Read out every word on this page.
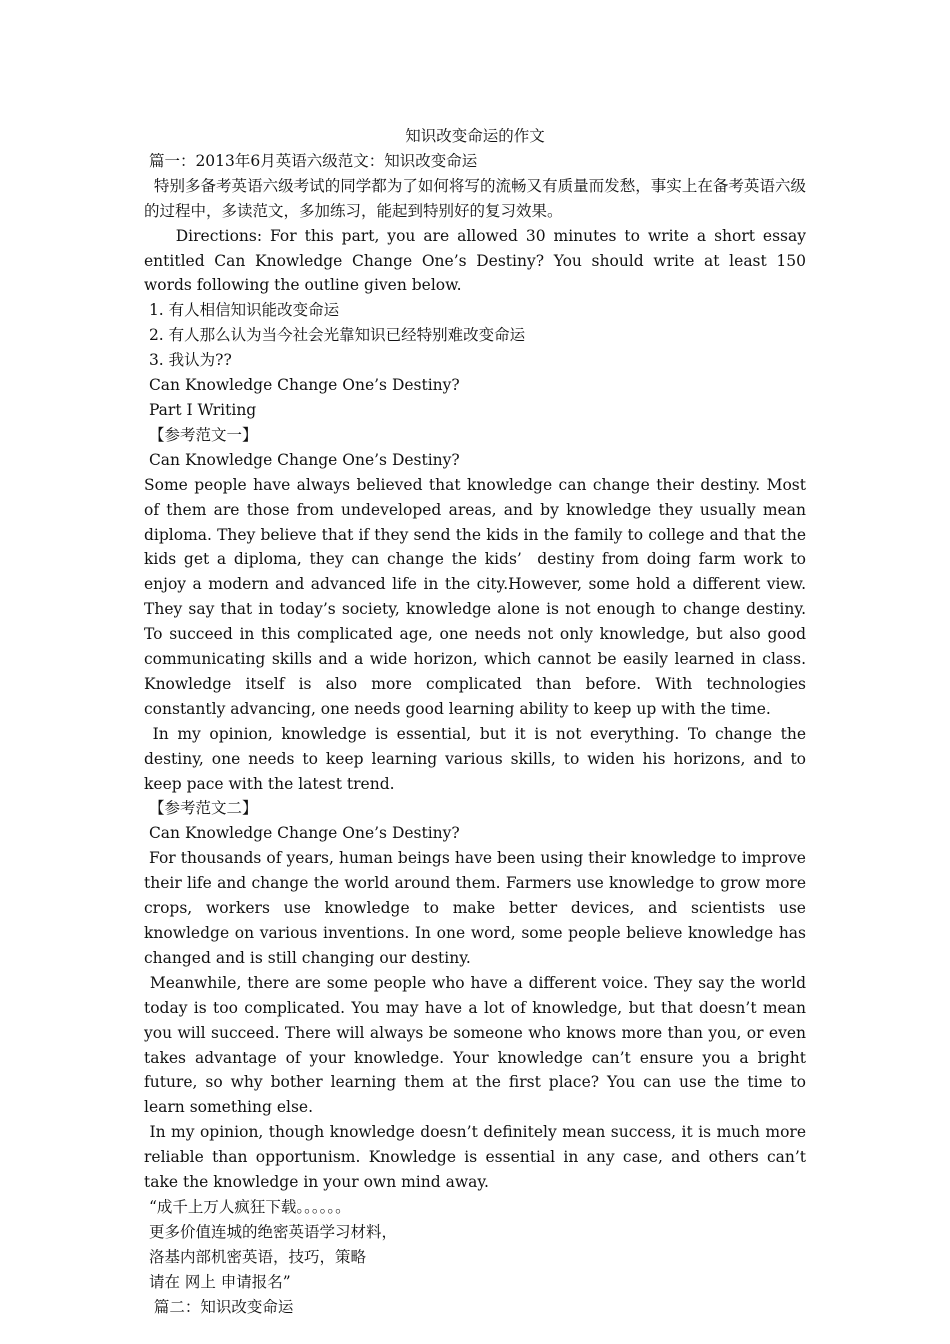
知识改变命运的作文

篇一：2013年6月英语六级范文：知识改变命运

特别多备考英语六级考试的同学都为了如何将写的流畅又有质量而发愁，事实上在备考英语六级的过程中，多读范文，多加练习，能起到特别好的复习效果。

Directions: For this part, you are allowed 30 minutes to write a short essay entitled Can Knowledge Change One’s Destiny? You should write at least 150 words following the outline given below.

1. 有人相信知识能改变命运

2. 有人那么认为当今社会光靠知识已经特别难改变命运

3. 我认为??

Can Knowledge Change One’s Destiny?

Part I Writing

【参考范文一】

Can Knowledge Change One’s Destiny?

Some people have always believed that knowledge can change their destiny. Most of them are those from undeveloped areas, and by knowledge they usually mean diploma. They believe that if they send the kids in the family to college and that the kids get a diploma, they can change the kids’  destiny from doing farm work to enjoy a modern and advanced life in the city.However, some hold a different view. They say that in today’s society, knowledge alone is not enough to change destiny. To succeed in this complicated age, one needs not only knowledge, but also good communicating skills and a wide horizon, which cannot be easily learned in class. Knowledge itself is also more complicated than before. With technologies constantly advancing, one needs good learning ability to keep up with the time.

In my opinion, knowledge is essential, but it is not everything. To change the destiny, one needs to keep learning various skills, to widen his horizons, and to keep pace with the latest trend.

【参考范文二】

Can Knowledge Change One’s Destiny?

For thousands of years, human beings have been using their knowledge to improve their life and change the world around them. Farmers use knowledge to grow more crops, workers use knowledge to make better devices, and scientists use knowledge on various inventions. In one word, some people believe knowledge has changed and is still changing our destiny.

Meanwhile, there are some people who have a different voice. They say the world today is too complicated. You may have a lot of knowledge, but that doesn’t mean you will succeed. There will always be someone who knows more than you, or even takes advantage of your knowledge. Your knowledge can’t ensure you a bright future, so why bother learning them at the first place? You can use the time to learn something else.

In my opinion, though knowledge doesn’t definitely mean success, it is much more reliable than opportunism. Knowledge is essential in any case, and others can’t take the knowledge in your own mind away.

“成千上万人疯狂下载。。。。。。

更多价值连城的绝密英语学习材料，

洛基内部机密英语，技巧，策略

请在 网上 申请报名”

篇二：知识改变命运
